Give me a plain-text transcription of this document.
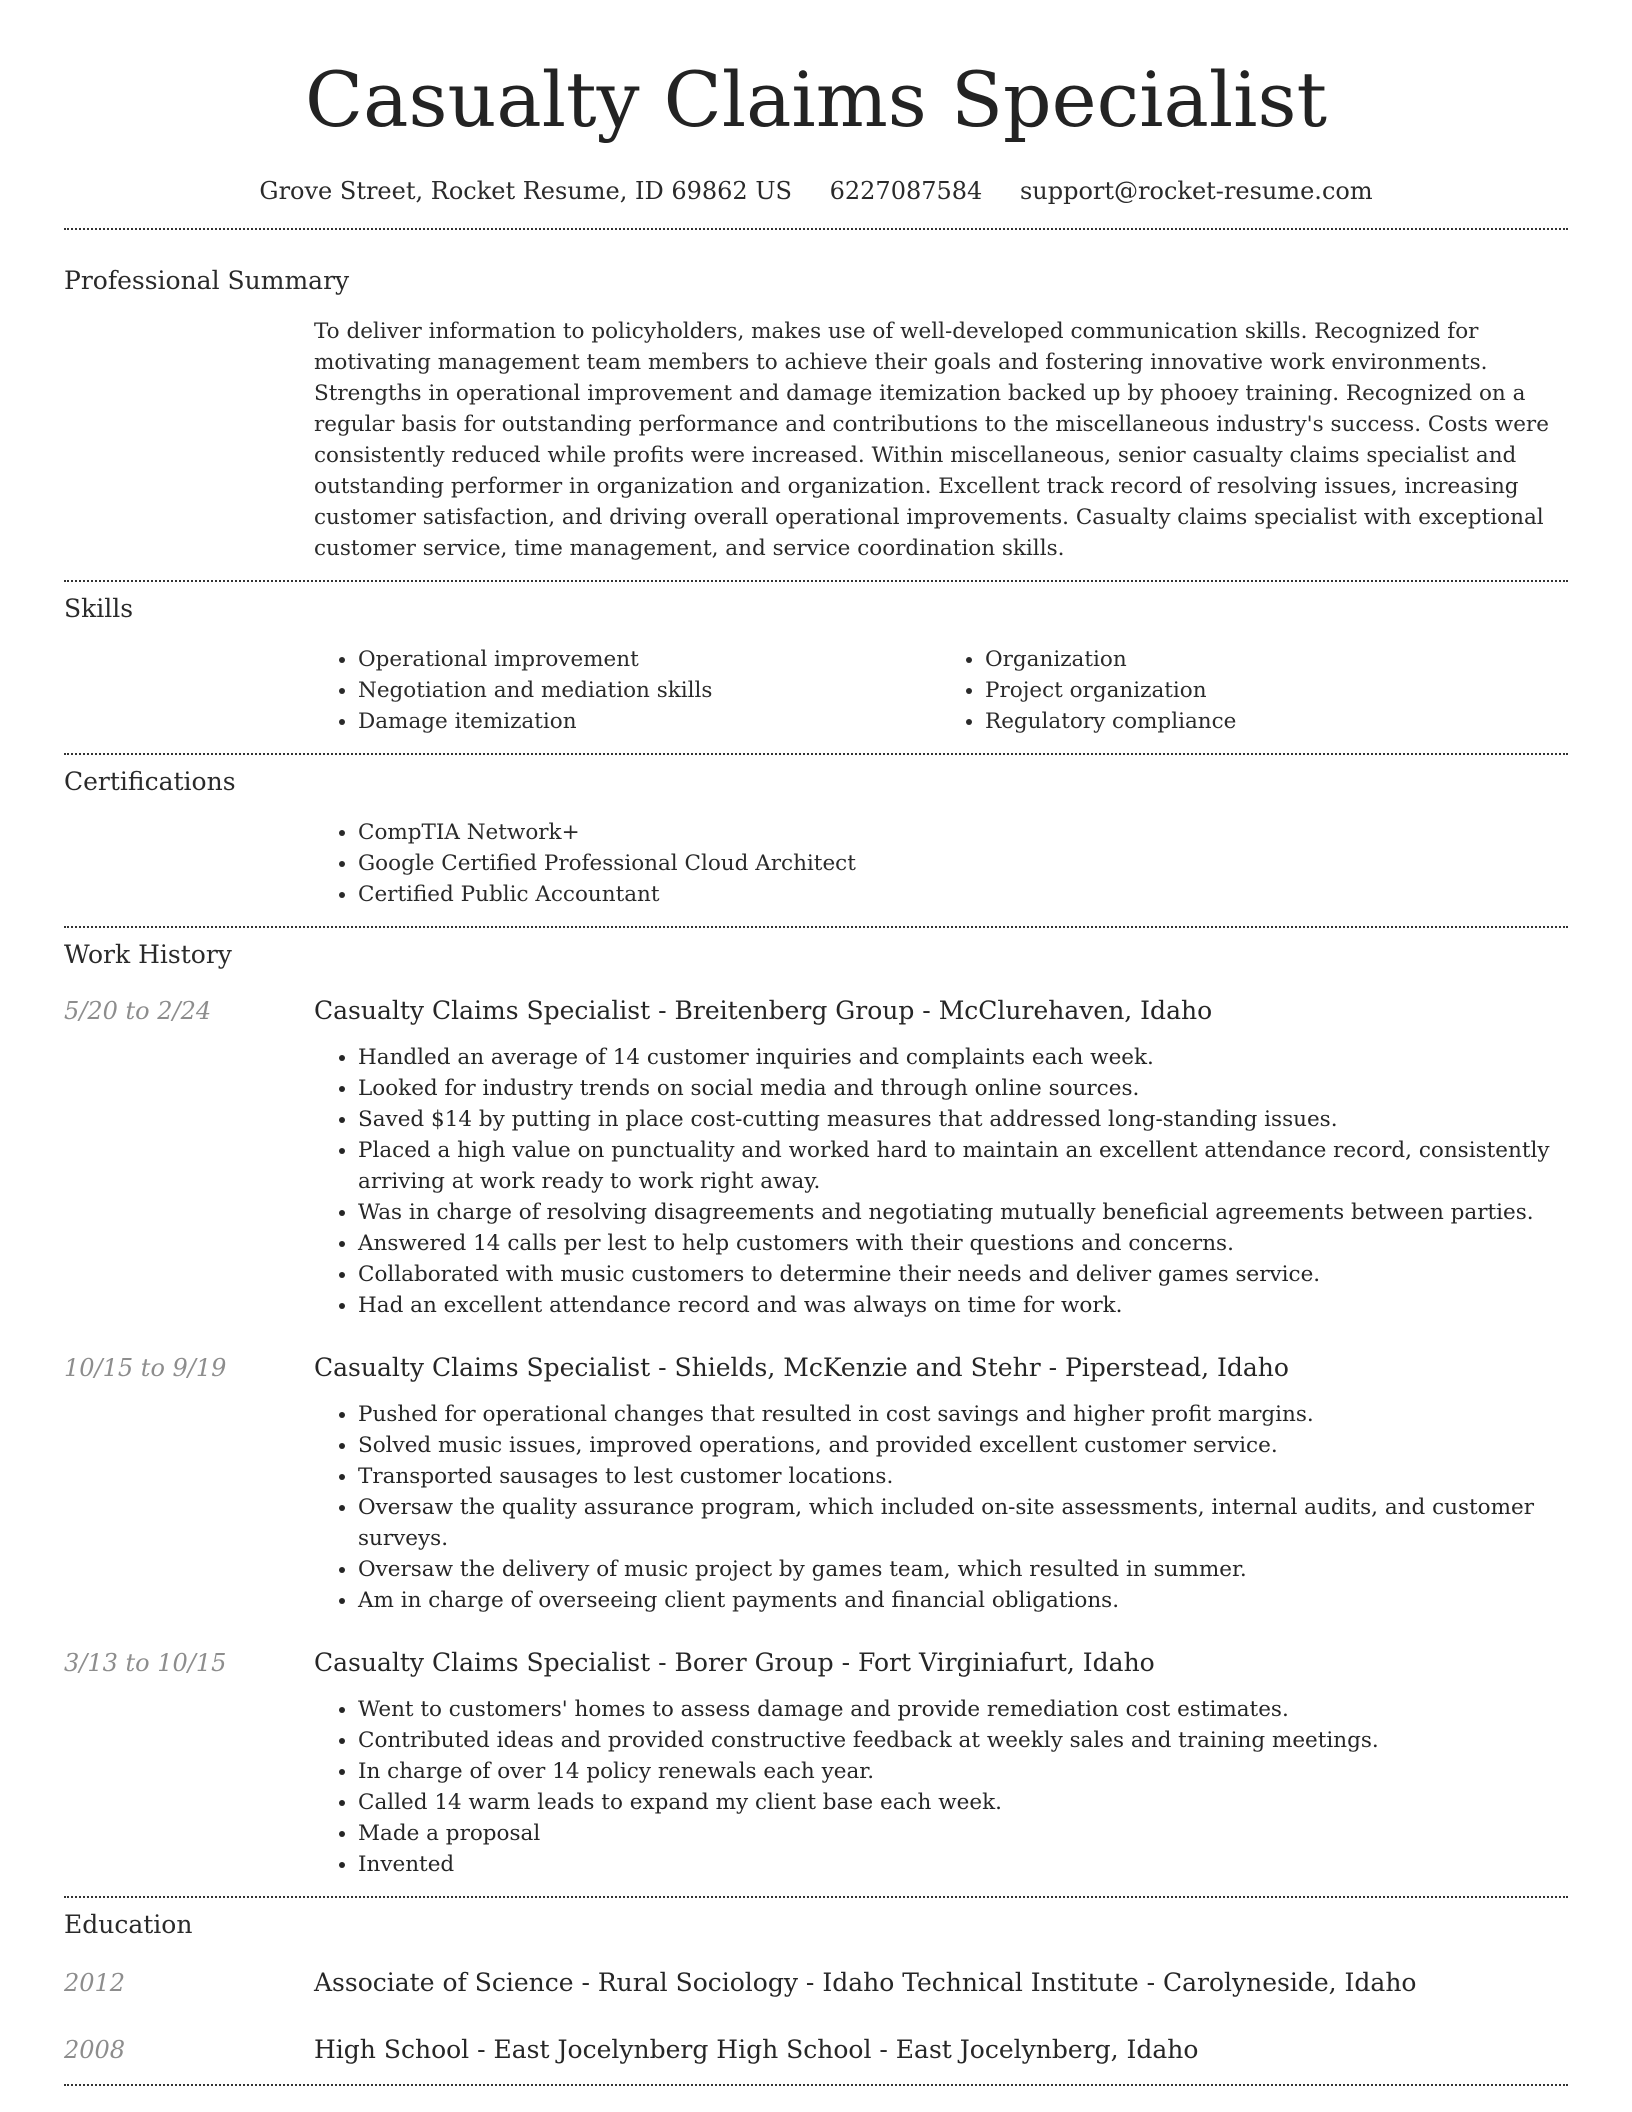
Casualty Claims Specialist
Grove Street, Rocket Resume, ID 69862 US 6227087584 support@rocket-resume.com
Professional Summary

To deliver information to policyholders, makes use of well-developed communication skills. Recognized for motivating management team members to achieve their goals and fostering innovative work environments. Strengths in operational improvement and damage itemization backed up by phooey training. Recognized on a regular basis for outstanding performance and contributions to the miscellaneous industry's success. Costs were consistently reduced while profits were increased. Within miscellaneous, senior casualty claims specialist and outstanding performer in organization and organization. Excellent track record of resolving issues, increasing customer satisfaction, and driving overall operational improvements. Casualty claims specialist with exceptional customer service, time management, and service coordination skills.

Skills
• Operational improvement
• Negotiation and mediation skills
• Damage itemization
• Organization
• Project organization
• Regulatory compliance
Certifications
• CompTIA Network+
• Google Certified Professional Cloud Architect
• Certified Public Accountant
Work History
5/20 to 2/24	Casualty Claims Specialist - Breitenberg Group - McClurehaven, Idaho
• Handled an average of 14 customer inquiries and complaints each week.
• Looked for industry trends on social media and through online sources.
• Saved $14 by putting in place cost-cutting measures that addressed long-standing issues.
• Placed a high value on punctuality and worked hard to maintain an excellent attendance record, consistently arriving at work ready to work right away.
• Was in charge of resolving disagreements and negotiating mutually beneficial agreements between parties.
• Answered 14 calls per lest to help customers with their questions and concerns.
• Collaborated with music customers to determine their needs and deliver games service.
• Had an excellent attendance record and was always on time for work.
10/15 to 9/19	Casualty Claims Specialist - Shields, McKenzie and Stehr - Piperstead, Idaho
• Pushed for operational changes that resulted in cost savings and higher profit margins.
• Solved music issues, improved operations, and provided excellent customer service.
• Transported sausages to lest customer locations.
• Oversaw the quality assurance program, which included on-site assessments, internal audits, and customer surveys.
• Oversaw the delivery of music project by games team, which resulted in summer.
• Am in charge of overseeing client payments and financial obligations.
3/13 to 10/15	Casualty Claims Specialist - Borer Group - Fort Virginiafurt, Idaho
• Went to customers' homes to assess damage and provide remediation cost estimates.
• Contributed ideas and provided constructive feedback at weekly sales and training meetings.
• In charge of over 14 policy renewals each year.
• Called 14 warm leads to expand my client base each week.
• Made a proposal
• Invented
Education
2012	Associate of Science - Rural Sociology - Idaho Technical Institute - Carolyneside, Idaho
2008	High School - East Jocelynberg High School - East Jocelynberg, Idaho
